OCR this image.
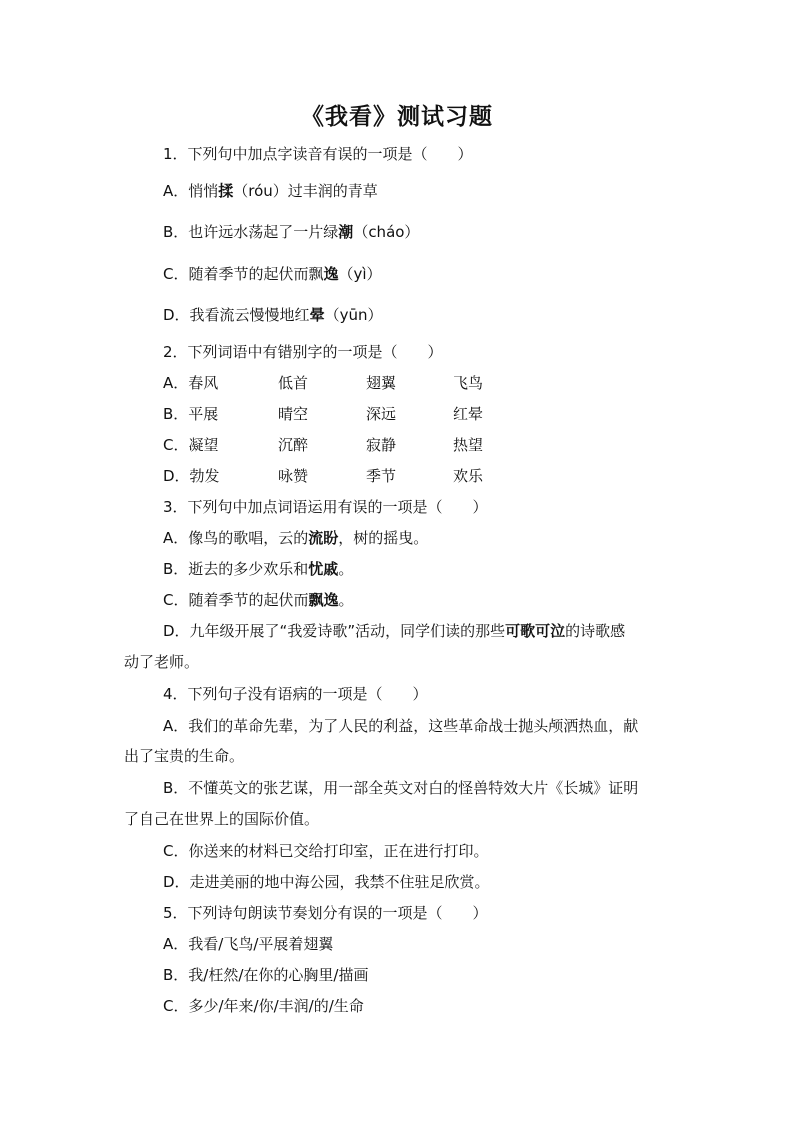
《我看》测试习题
1．下列句中加点字读音有误的一项是（　　）
A．悄悄揉（róu）过丰润的青草
B．也许远水荡起了一片绿潮（cháo）
C．随着季节的起伏而飘逸（yì）
D．我看流云慢慢地红晕（yūn）
2．下列词语中有错别字的一项是（　　）
A．春风	低首	翅翼	飞鸟
B．平展	晴空	深远	红晕
C．凝望	沉醉	寂静	热望
D．勃发	咏赞	季节	欢乐
3．下列句中加点词语运用有误的一项是（　　）
A．像鸟的歌唱，云的流盼，树的摇曳。
B．逝去的多少欢乐和忧戚。
C．随着季节的起伏而飘逸。
D．九年级开展了“我爱诗歌”活动，同学们读的那些可歌可泣的诗歌感
动了老师。
4．下列句子没有语病的一项是（　　）
A．我们的革命先辈，为了人民的利益，这些革命战士抛头颅洒热血，献
出了宝贵的生命。
B．不懂英文的张艺谋，用一部全英文对白的怪兽特效大片《长城》证明
了自己在世界上的国际价值。
C．你送来的材料已交给打印室，正在进行打印。
D．走进美丽的地中海公园，我禁不住驻足欣赏。
5．下列诗句朗读节奏划分有误的一项是（　　）
A．我看/飞鸟/平展着翅翼
B．我/枉然/在你的心胸里/描画
C．多少/年来/你/丰润/的/生命
